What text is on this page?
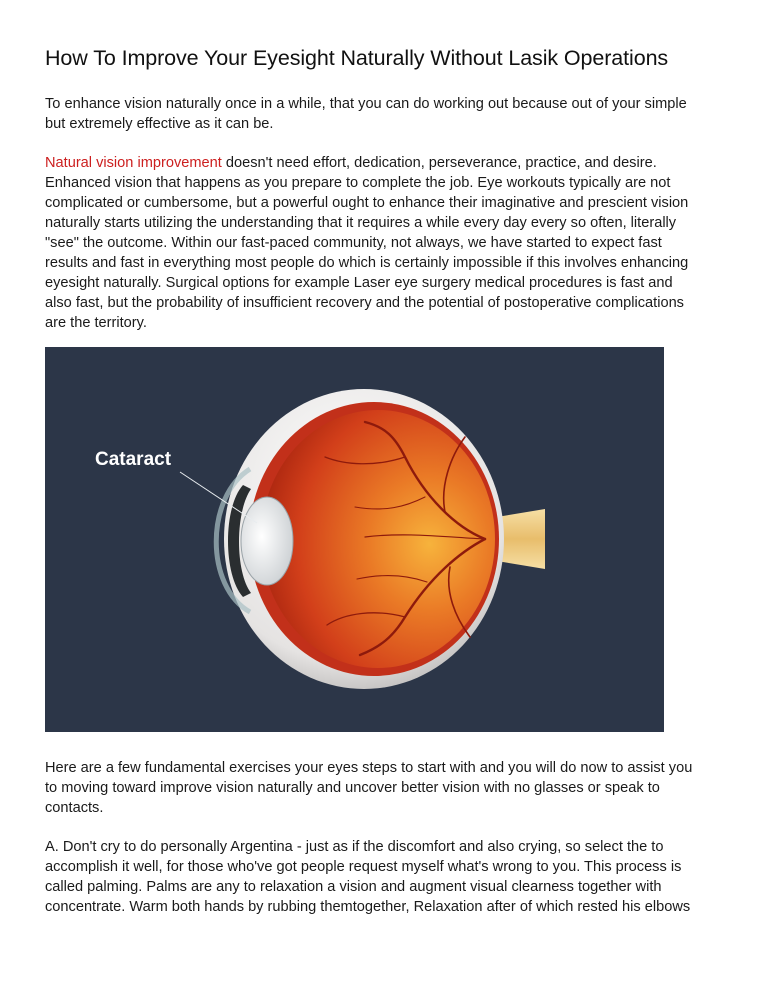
How To Improve Your Eyesight Naturally Without Lasik Operations

To enhance vision naturally once in a while, that you can do working out because out of your simple
but extremely effective as it can be.

Natural vision improvement doesn't need effort, dedication, perseverance, practice, and desire.
Enhanced vision that happens as you prepare to complete the job. Eye workouts typically are not
complicated or cumbersome, but a powerful ought to enhance their imaginative and prescient vision
naturally starts utilizing the understanding that it requires a while every day every so often, literally
"see" the outcome. Within our fast-paced community, not always, we have started to expect fast
results and fast in everything most people do which is certainly impossible if this involves enhancing
eyesight naturally. Surgical options for example Laser eye surgery medical procedures is fast and
also fast, but the probability of insufficient recovery and the potential of postoperative complications
are the territory.

Cataract

Here are a few fundamental exercises your eyes steps to start with and you will do now to assist you
to moving toward improve vision naturally and uncover better vision with no glasses or speak to
contacts.

A. Don't cry to do personally Argentina - just as if the discomfort and also crying, so select the to
accomplish it well, for those who've got people request myself what's wrong to you. This process is
called palming. Palms are any to relaxation a vision and augment visual clearness together with
concentrate. Warm both hands by rubbing themtogether, Relaxation after of which rested his elbows
